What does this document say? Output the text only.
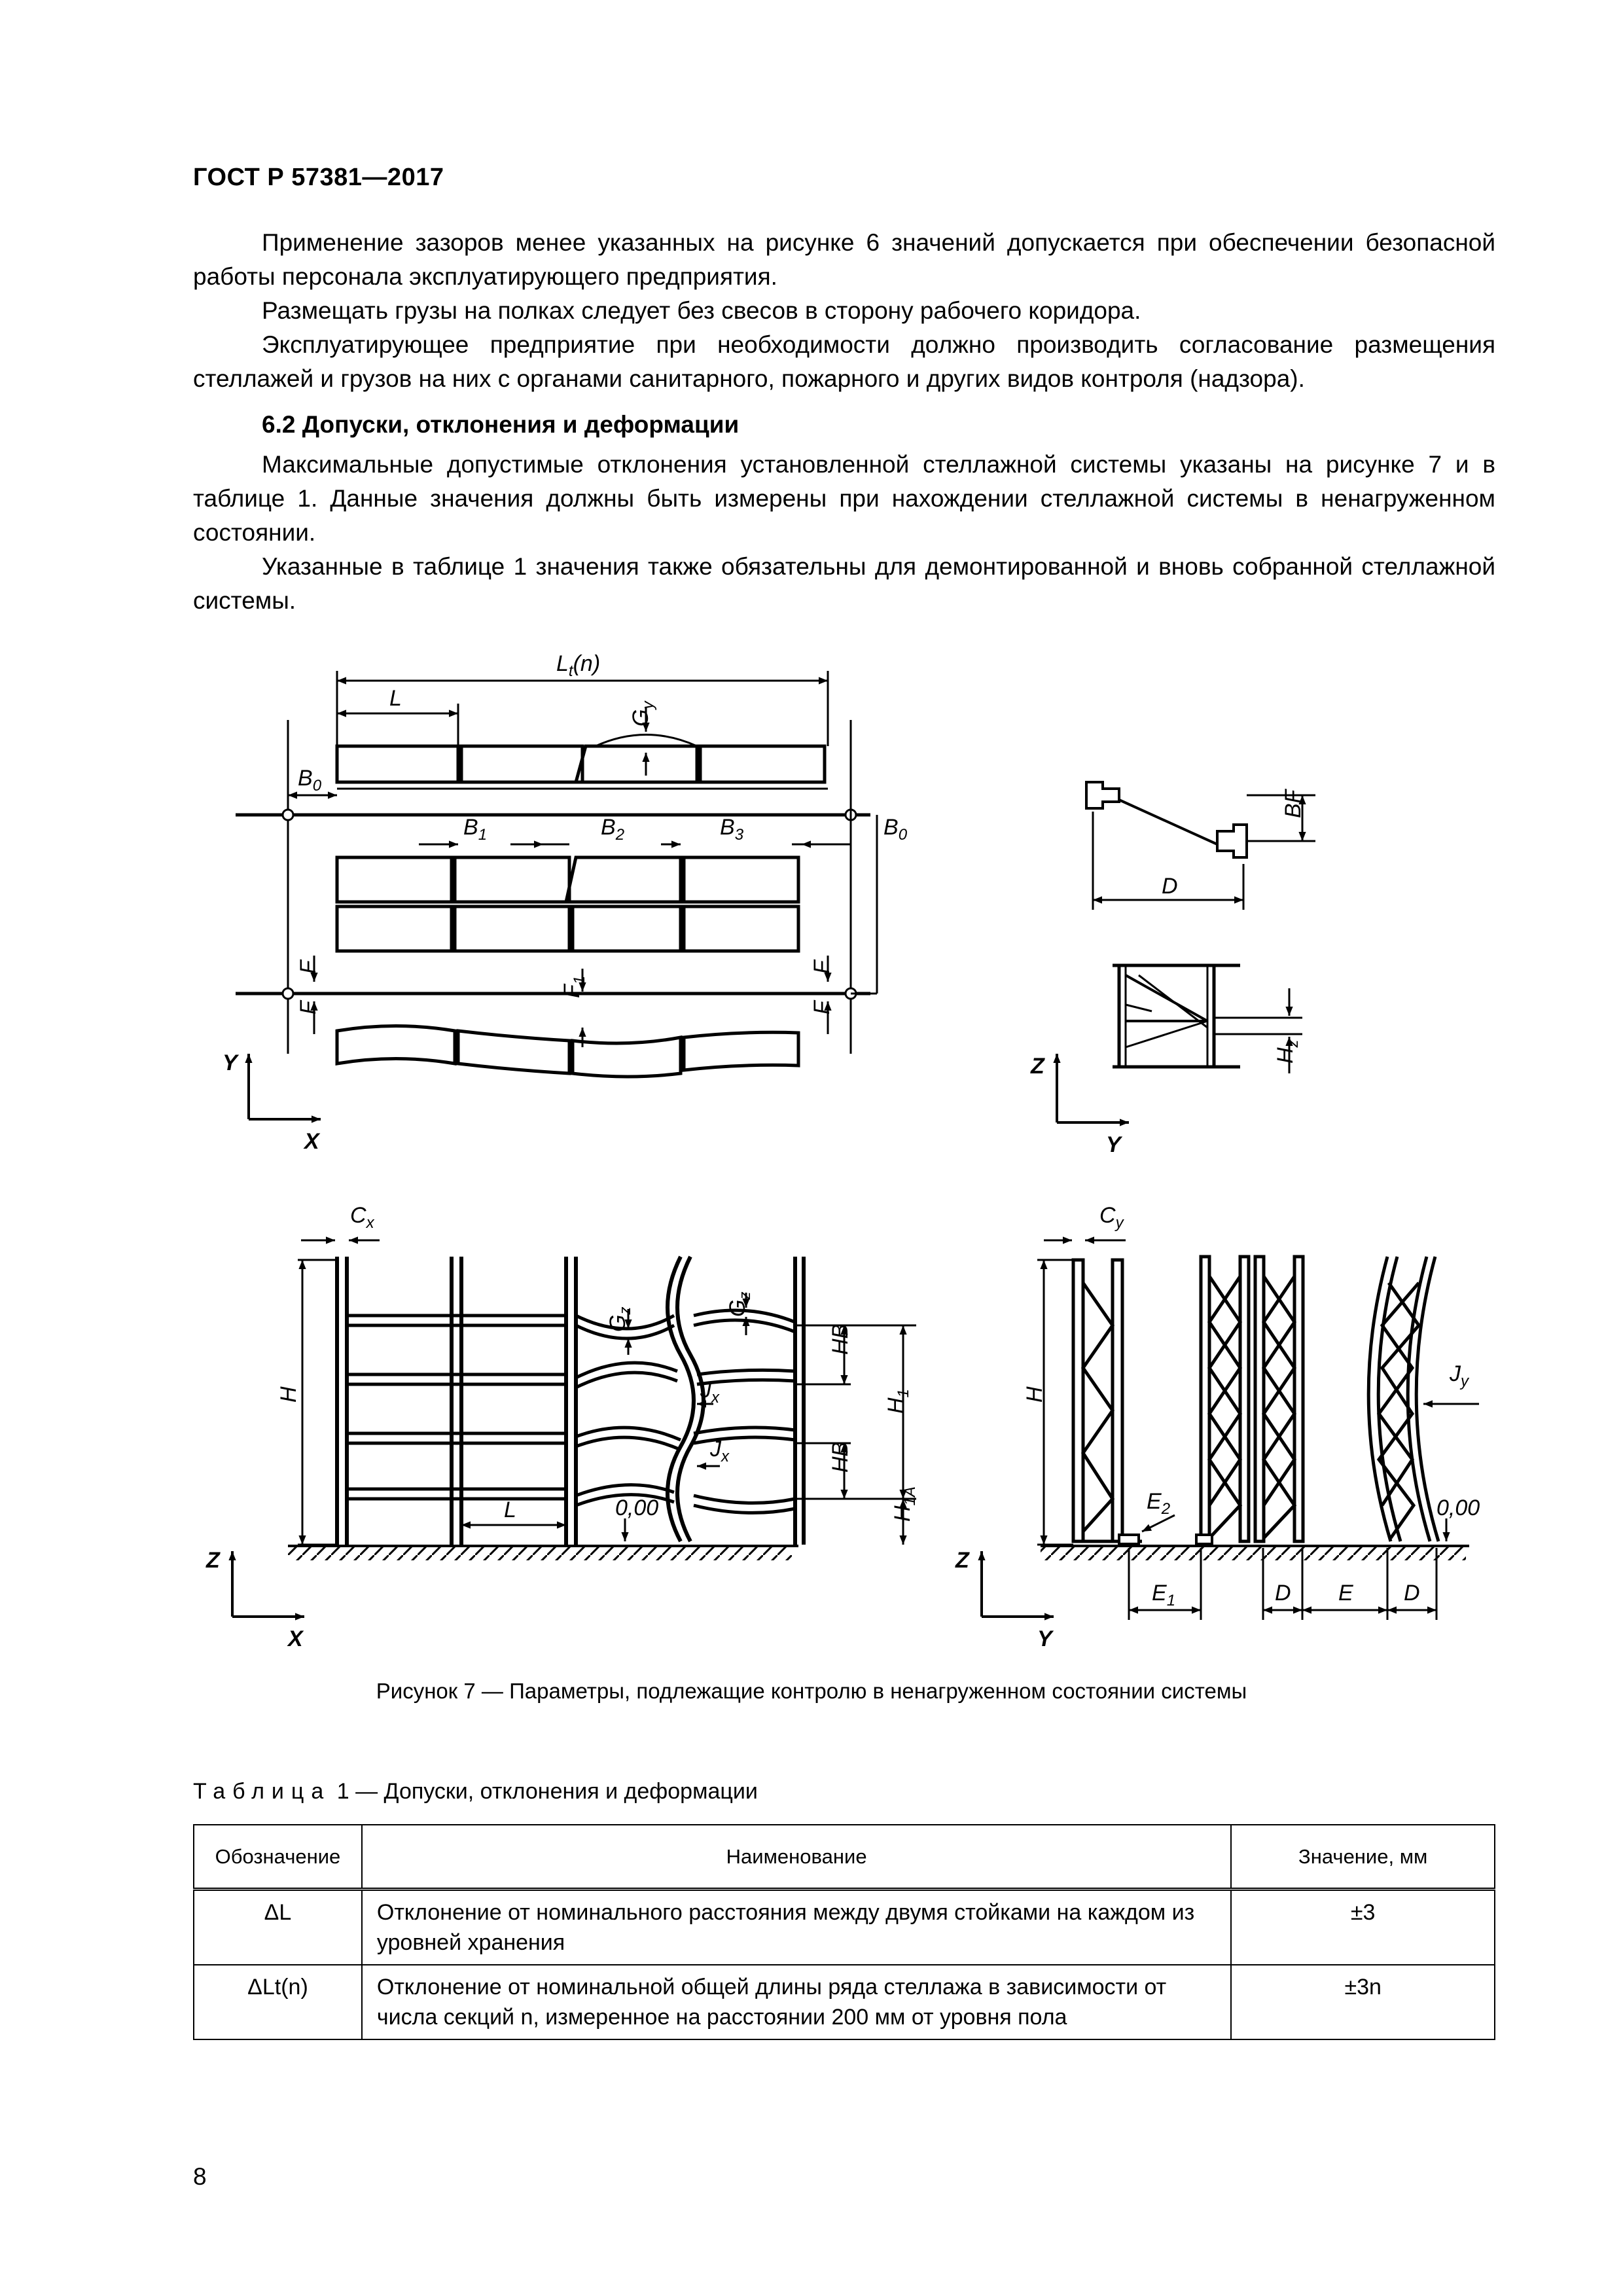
ГОСТ Р 57381—2017

Применение зазоров менее указанных на рисунке 6 значений допускается при обеспечении безопасной работы персонала эксплуатирующего предприятия.

Размещать грузы на полках следует без свесов в сторону рабочего коридора.

Эксплуатирующее предприятие при необходимости должно производить согласование размещения стеллажей и грузов на них с органами санитарного, пожарного и других видов контроля (надзора).

6.2 Допуски, отклонения и деформации

Максимальные допустимые отклонения установленной стеллажной системы указаны на рисунке 7 и в таблице 1. Данные значения должны быть измерены при нахождении стеллажной системы в ненагруженном состоянии.

Указанные в таблице 1 значения также обязательны для демонтированной и вновь собранной стеллажной системы.

$L_t(n)$
L
$G_y$
$B_0$
$B_1$	$B_2$	$B_3$	$B_0$
F
F
F
F
$F_1$
Y
X
D
BF
$H_z$
Z
Y
$C_x$
H
L	0,00
$G_z$	$G_z$
$J_x$
$J_x$
HB
HB
$H_1$
$H_{1A}$
Z
X
$C_y$
H
$J_y$
0,00
$E_2$
$E_1$	D E D
Z
Y
Рисунок 7 — Параметры, подлежащие контролю в ненагруженном состоянии системы
Таблица 1 — Допуски, отклонения и деформации
Обозначение	Наименование	Значение, мм
ΔL	Отклонение от номинального расстояния между двумя стойками на каждом из уровней хранения	±3
ΔLt(n)	Отклонение от номинальной общей длины ряда стеллажа в зависимости от числа секций n, измеренное на расстоянии 200 мм от уровня пола	±3n
8
